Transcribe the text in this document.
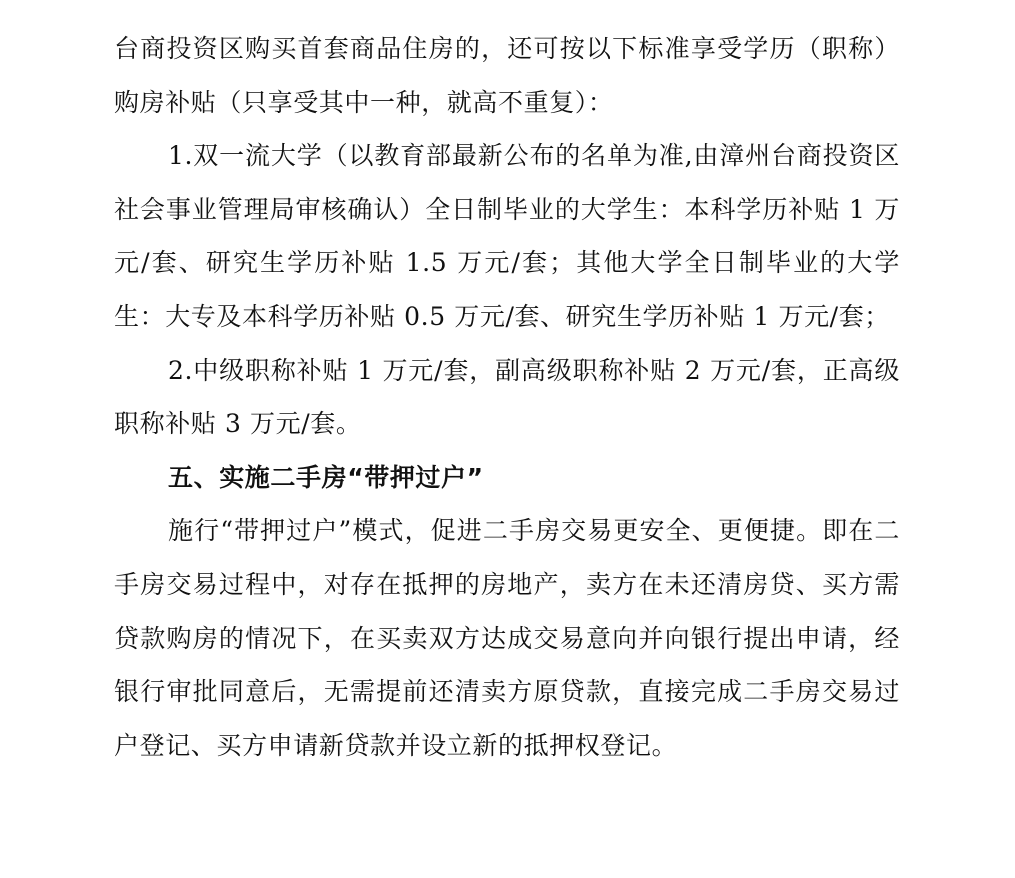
台商投资区购买首套商品住房的，还可按以下标准享受学历（职称）购房补贴（只享受其中一种，就高不重复）：

1.双一流大学（以教育部最新公布的名单为准,由漳州台商投资区社会事业管理局审核确认）全日制毕业的大学生：本科学历补贴 1 万元/套、研究生学历补贴 1.5 万元/套；其他大学全日制毕业的大学生：大专及本科学历补贴 0.5 万元/套、研究生学历补贴 1 万元/套；

2.中级职称补贴 1 万元/套，副高级职称补贴 2 万元/套，正高级职称补贴 3 万元/套。

五、实施二手房“带押过户”

施行“带押过户”模式，促进二手房交易更安全、更便捷。即在二手房交易过程中，对存在抵押的房地产，卖方在未还清房贷、买方需贷款购房的情况下，在买卖双方达成交易意向并向银行提出申请，经银行审批同意后，无需提前还清卖方原贷款，直接完成二手房交易过户登记、买方申请新贷款并设立新的抵押权登记。
